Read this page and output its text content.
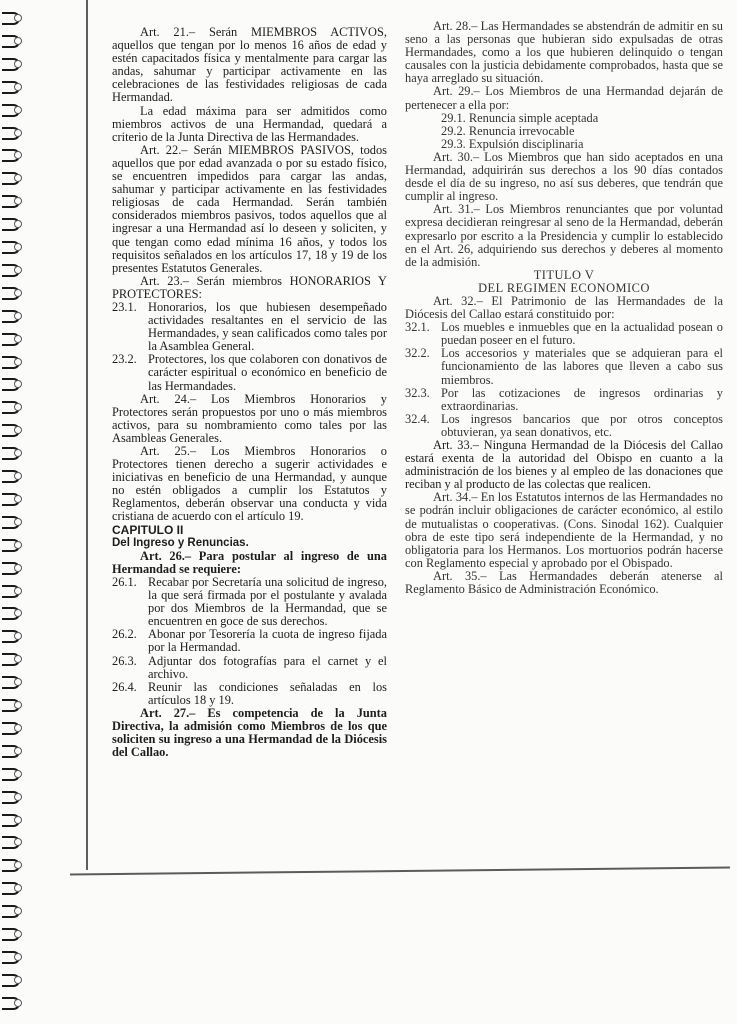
Art. 21.– Serán MIEMBROS ACTIVOS, aquellos que tengan por lo menos 16 años de edad y estén capacitados física y mentalmente para cargar las andas, sahumar y participar activamente en las celebraciones de las festividades religiosas de cada Hermandad.

La edad máxima para ser admitidos como miembros activos de una Hermandad, quedará a criterio de la Junta Directiva de las Hermandades.

Art. 22.– Serán MIEMBROS PASIVOS, todos aquellos que por edad avanzada o por su estado físico, se encuentren impedidos para cargar las andas, sahumar y participar activamente en las festividades religiosas de cada Hermandad. Serán también considerados miembros pasivos, todos aquellos que al ingresar a una Hermandad así lo deseen y soliciten, y que tengan como edad mínima 16 años, y todos los requisitos señalados en los artículos 17, 18 y 19 de los presentes Estatutos Generales.

Art. 23.– Serán miembros HONORARIOS Y PROTECTORES:

23.1. Honorarios, los que hubiesen desempeñado actividades resaltantes en el servicio de las Hermandades, y sean calificados como tales por la Asamblea General.
23.2. Protectores, los que colaboren con donativos de carácter espiritual o económico en beneficio de las Hermandades.

Art. 24.– Los Miembros Honorarios y Protectores serán propuestos por uno o más miembros activos, para su nombramiento como tales por las Asambleas Generales.

Art. 25.– Los Miembros Honorarios o Protectores tienen derecho a sugerir actividades e iniciativas en beneficio de una Hermandad, y aunque no estén obligados a cumplir los Estatutos y Reglamentos, deberán observar una conducta y vida cristiana de acuerdo con el artículo 19.

CAPITULO II

Del Ingreso y Renuncias.

Art. 26.– Para postular al ingreso de una Hermandad se requiere:

26.1. Recabar por Secretaría una solicitud de ingreso, la que será firmada por el postulante y avalada por dos Miembros de la Hermandad, que se encuentren en goce de sus derechos.
26.2. Abonar por Tesorería la cuota de ingreso fijada por la Hermandad.
26.3. Adjuntar dos fotografías para el carnet y el archivo.
26.4. Reunir las condiciones señaladas en los artículos 18 y 19.

Art. 27.– Es competencia de la Junta Directiva, la admisión como Miembros de los que soliciten su ingreso a una Hermandad de la Diócesis del Callao.

Art. 28.– Las Hermandades se abstendrán de admitir en su seno a las personas que hubieran sido expulsadas de otras Hermandades, como a los que hubieren delinquido o tengan causales con la justicia debidamente comprobados, hasta que se haya arreglado su situación.

Art. 29.– Los Miembros de una Hermandad dejarán de pertenecer a ella por:

29.1. Renuncia simple aceptada

29.2. Renuncia irrevocable

29.3. Expulsión disciplinaria

Art. 30.– Los Miembros que han sido aceptados en una Hermandad, adquirirán sus derechos a los 90 días contados desde el día de su ingreso, no así sus deberes, que tendrán que cumplir al ingreso.

Art. 31.– Los Miembros renunciantes que por voluntad expresa decidieran reingresar al seno de la Hermandad, deberán expresarlo por escrito a la Presidencia y cumplir lo establecido en el Art. 26, adquiriendo sus derechos y deberes al momento de la admisión.

TITULO V

DEL REGIMEN ECONOMICO

Art. 32.– El Patrimonio de las Hermandades de la Diócesis del Callao estará constituido por:

32.1. Los muebles e inmuebles que en la actualidad posean o puedan poseer en el futuro.
32.2. Los accesorios y materiales que se adquieran para el funcionamiento de las labores que lleven a cabo sus miembros.
32.3. Por las cotizaciones de ingresos ordinarias y extraordinarias.
32.4. Los ingresos bancarios que por otros conceptos obtuvieran, ya sean donativos, etc.

Art. 33.– Ninguna Hermandad de la Diócesis del Callao estará exenta de la autoridad del Obispo en cuanto a la administración de los bienes y al empleo de las donaciones que reciban y al producto de las colectas que realicen.

Art. 34.– En los Estatutos internos de las Hermandades no se podrán incluir obligaciones de carácter económico, al estilo de mutualistas o cooperativas. (Cons. Sinodal 162). Cualquier obra de este tipo será independiente de la Hermandad, y no obligatoria para los Hermanos. Los mortuorios podrán hacerse con Reglamento especial y aprobado por el Obispado.

Art. 35.– Las Hermandades deberán atenerse al Reglamento Básico de Administración Económico.
